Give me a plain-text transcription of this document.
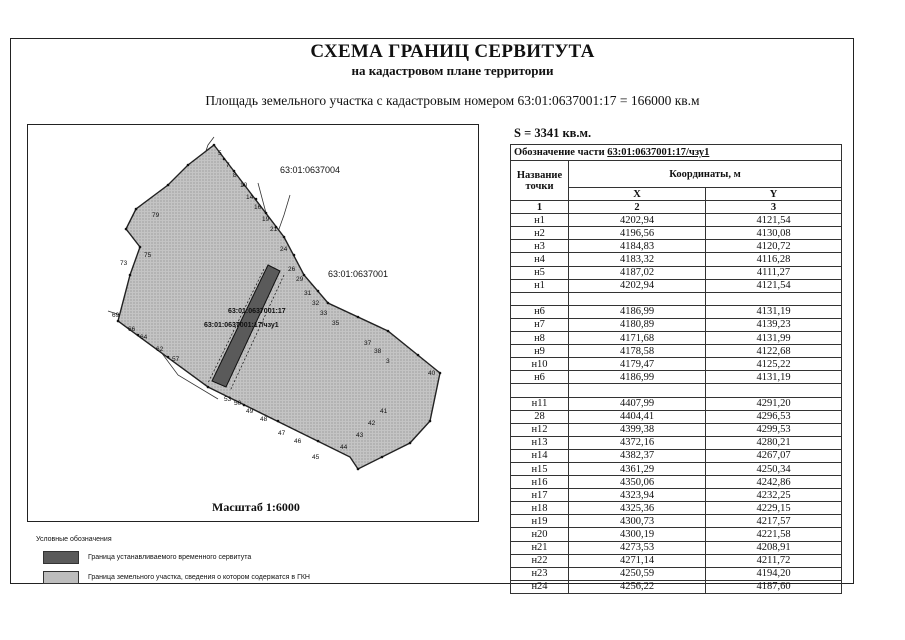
СХЕМА ГРАНИЦ СЕРВИТУТА
на кадастровом плане территории
Площадь земельного участка с кадастровым номером 63:01:0637001:17 = 166000 кв.м
63:01:0637004
63:01:0637001
63:01:0637001:17
63:01:0637001:17/чзу1
5
7
8
10
14
16
19
21
24
26
29
31
32
33
35
37
38
3
40
41
42
43
44
45
46
47
48
49
50
53
57
62
64
66
69
73
75
79
Масштаб 1:6000
S = 3341 кв.м.
Обозначение части 63:01:0637001:17/чзу1		
Название точки	Координаты, м	
	X	Y
1	2	3
н1	4202,94	4121,54
н2	4196,56	4130,08
н3	4184,83	4120,72
н4	4183,32	4116,28
н5	4187,02	4111,27
н1	4202,94	4121,54

н6	4186,99	4131,19
н7	4180,89	4139,23
н8	4171,68	4131,99
н9	4178,58	4122,68
н10	4179,47	4125,22
н6	4186,99	4131,19

н11	4407,99	4291,20
28	4404,41	4296,53
н12	4399,38	4299,53
н13	4372,16	4280,21
н14	4382,37	4267,07
н15	4361,29	4250,34
н16	4350,06	4242,86
н17	4323,94	4232,25
н18	4325,36	4229,15
н19	4300,73	4217,57
н20	4300,19	4221,58
н21	4273,53	4208,91
н22	4271,14	4211,72
н23	4250,59	4194,20
н24	4256,22	4187,60
Условные обозначения
Граница устанавливаемого временного сервитута
Граница земельного участка, сведения о котором содержатся в ГКН
